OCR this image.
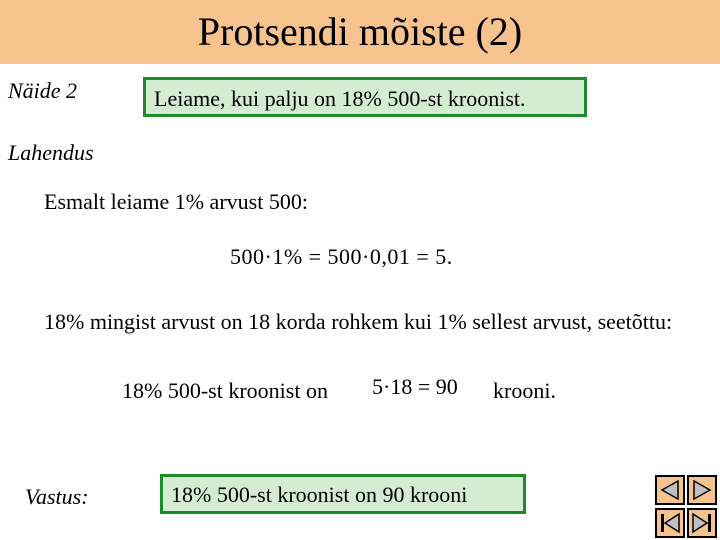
Protsendi mõiste (2)
Näide 2	Leiame, kui palju on 18% 500-st kroonist.
Lahendus
Esmalt leiame 1% arvust 500:
500·1% = 500·0,01 = 5.
18% mingist arvust on 18 korda rohkem kui 1% sellest arvust, seetõttu:
18% 500-st kroonist on 5·18 = 90 krooni.
Vastus:	18% 500-st kroonist on 90 krooni
